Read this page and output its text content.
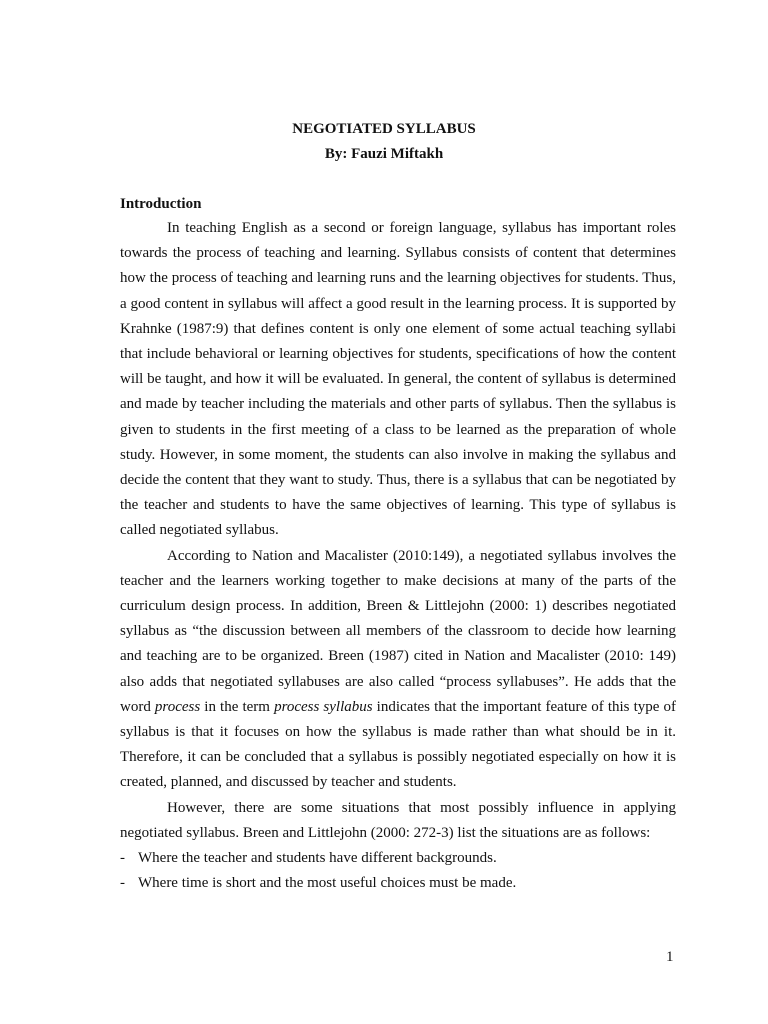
NEGOTIATED SYLLABUS
By: Fauzi Miftakh
Introduction

In teaching English as a second or foreign language, syllabus has important roles towards the process of teaching and learning. Syllabus consists of content that determines how the process of teaching and learning runs and the learning objectives for students. Thus, a good content in syllabus will affect a good result in the learning process. It is supported by Krahnke (1987:9) that defines content is only one element of some actual teaching syllabi that include behavioral or learning objectives for students, specifications of how the content will be taught, and how it will be evaluated. In general, the content of syllabus is determined and made by teacher including the materials and other parts of syllabus. Then the syllabus is given to students in the first meeting of a class to be learned as the preparation of whole study. However, in some moment, the students can also involve in making the syllabus and decide the content that they want to study. Thus, there is a syllabus that can be negotiated by the teacher and students to have the same objectives of learning. This type of syllabus is called negotiated syllabus.

According to Nation and Macalister (2010:149), a negotiated syllabus involves the teacher and the learners working together to make decisions at many of the parts of the curriculum design process. In addition, Breen & Littlejohn (2000: 1) describes negotiated syllabus as “the discussion between all members of the classroom to decide how learning and teaching are to be organized. Breen (1987) cited in Nation and Macalister (2010: 149) also adds that negotiated syllabuses are also called “process syllabuses”. He adds that the word process in the term process syllabus indicates that the important feature of this type of syllabus is that it focuses on how the syllabus is made rather than what should be in it. Therefore, it can be concluded that a syllabus is possibly negotiated especially on how it is created, planned, and discussed by teacher and students.

However, there are some situations that most possibly influence in applying negotiated syllabus. Breen and Littlejohn (2000: 272-3) list the situations are as follows:

- Where the teacher and students have different backgrounds.
- Where time is short and the most useful choices must be made.
1
